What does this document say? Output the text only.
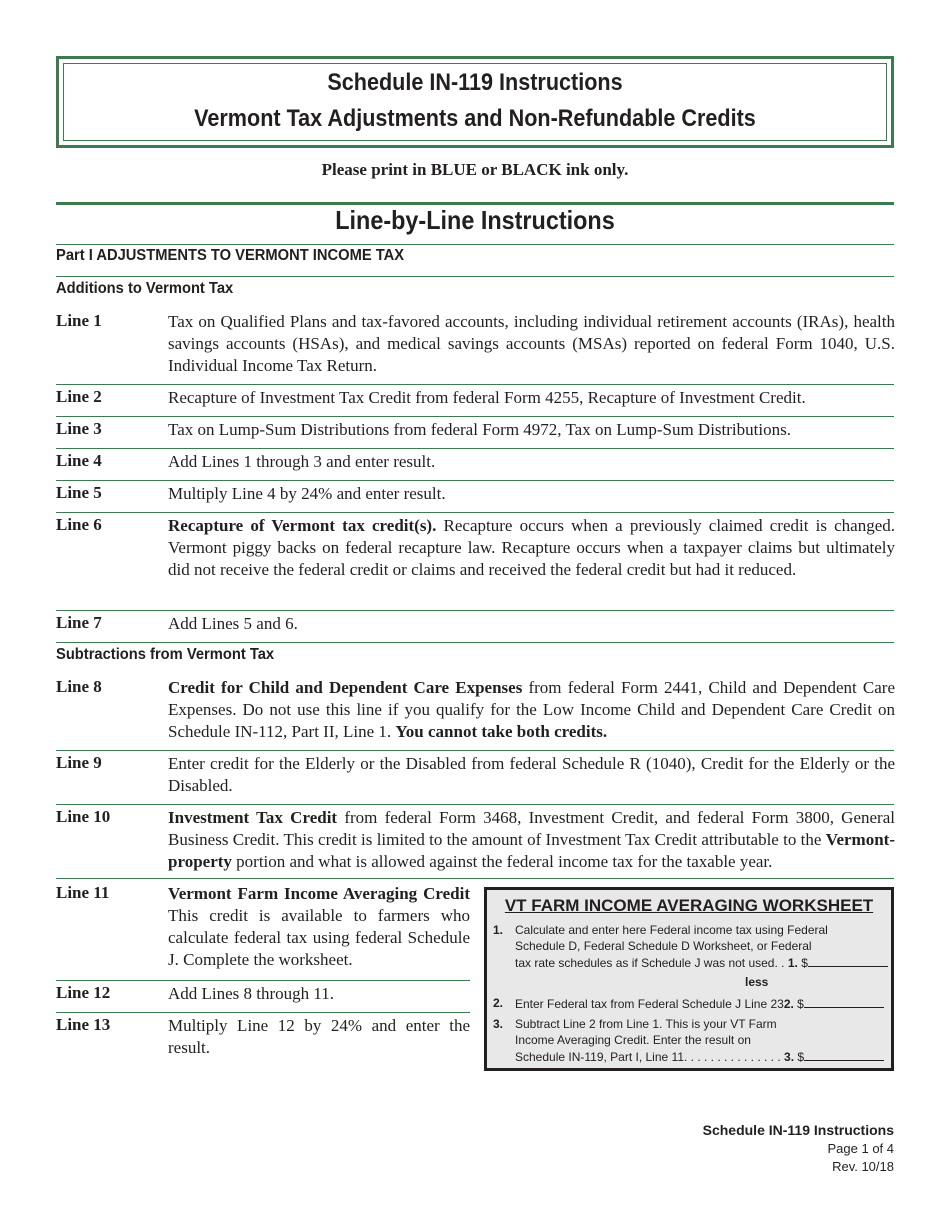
Schedule IN-119 Instructions
Vermont Tax Adjustments and Non-Refundable Credits
Please print in BLUE or BLACK ink only.
Line-by-Line Instructions
Part I ADJUSTMENTS TO VERMONT INCOME TAX
Additions to Vermont Tax
Line 1	Tax on Qualified Plans and tax-favored accounts, including individual retirement accounts (IRAs), health savings accounts (HSAs), and medical savings accounts (MSAs) reported on federal Form 1040, U.S. Individual Income Tax Return.
Line 2	Recapture of Investment Tax Credit from federal Form 4255, Recapture of Investment Credit.
Line 3	Tax on Lump-Sum Distributions from federal Form 4972, Tax on Lump-Sum Distributions.
Line 4	Add Lines 1 through 3 and enter result.
Line 5	Multiply Line 4 by 24% and enter result.
Line 6	Recapture of Vermont tax credit(s). Recapture occurs when a previously claimed credit is changed. Vermont piggy backs on federal recapture law. Recapture occurs when a taxpayer claims but ultimately did not receive the federal credit or claims and received the federal credit but had it reduced.
Line 7	Add Lines 5 and 6.
Subtractions from Vermont Tax
Line 8	Credit for Child and Dependent Care Expenses from federal Form 2441, Child and Dependent Care Expenses. Do not use this line if you qualify for the Low Income Child and Dependent Care Credit on Schedule IN-112, Part II, Line 1. You cannot take both credits.
Line 9	Enter credit for the Elderly or the Disabled from federal Schedule R (1040), Credit for the Elderly or the Disabled.
Line 10	Investment Tax Credit from federal Form 3468, Investment Credit, and federal Form 3800, General Business Credit. This credit is limited to the amount of Investment Tax Credit attributable to the Vermont-property portion and what is allowed against the federal income tax for the taxable year.
Line 11	Vermont Farm Income Averaging Credit This credit is available to farmers who calculate federal tax using federal Schedule J. Complete the worksheet.
Line 12	Add Lines 8 through 11.
Line 13	Multiply Line 12 by 24% and enter the result.
VT FARM INCOME AVERAGING WORKSHEET
1. Calculate and enter here Federal income tax using Federal
Schedule D, Federal Schedule D Worksheet, or Federal
tax rate schedules as if Schedule J was not used. . 1. $
less
2. Enter Federal tax from Federal Schedule J Line 232. $
3. Subtract Line 2 from Line 1. This is your VT Farm
Income Averaging Credit. Enter the result on
Schedule IN-119, Part I, Line 11. . . . . . . . . . . . . . . 3. $
Schedule IN-119 Instructions
Page 1 of 4
Rev. 10/18
